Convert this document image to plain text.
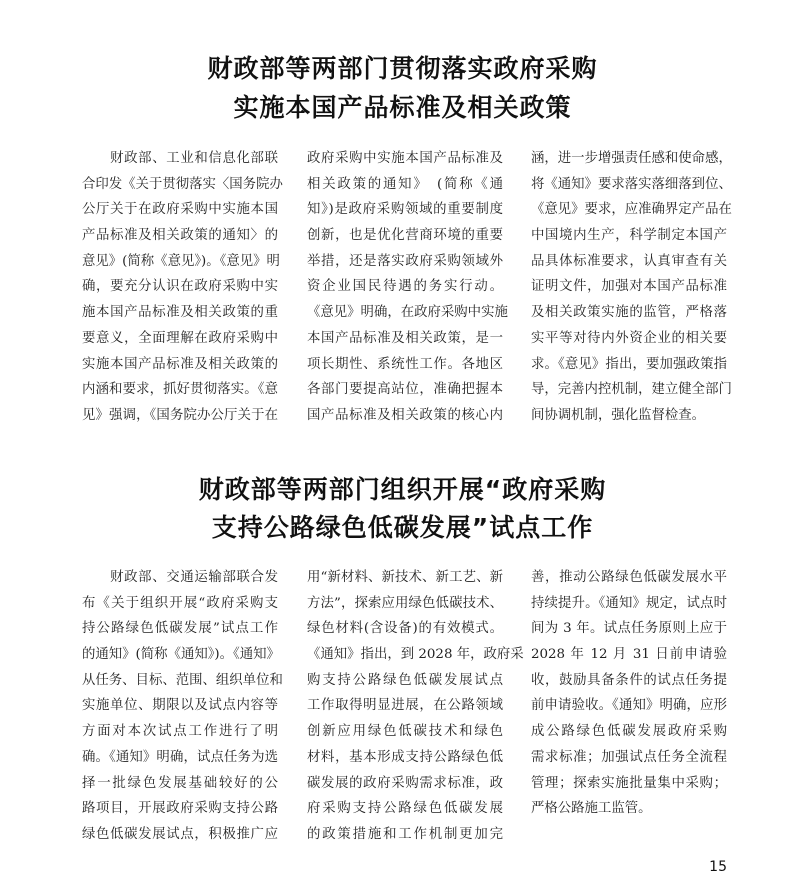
财政部等两部门贯彻落实政府采购
实施本国产品标准及相关政策
　　财政部、工业和信息化部联
合印发《关于贯彻落实〈国务院办
公厅关于在政府采购中实施本国
产品标准及相关政策的通知〉的
意见》(简称《意见》)。《意见》明
确，要充分认识在政府采购中实
施本国产品标准及相关政策的重
要意义，全面理解在政府采购中
实施本国产品标准及相关政策的
内涵和要求，抓好贯彻落实。《意
见》强调，《国务院办公厅关于在
政府采购中实施本国产品标准及
相关政策的通知》　(简称《通
知》)是政府采购领域的重要制度
创新，也是优化营商环境的重要
举措，还是落实政府采购领域外
资企业国民待遇的务实行动。
《意见》明确，在政府采购中实施
本国产品标准及相关政策，是一
项长期性、系统性工作。各地区
各部门要提高站位，准确把握本
国产品标准及相关政策的核心内
涵，进一步增强责任感和使命感，
将《通知》要求落实落细落到位、
《意见》要求，应准确界定产品在
中国境内生产，科学制定本国产
品具体标准要求，认真审查有关
证明文件，加强对本国产品标准
及相关政策实施的监管，严格落
实平等对待内外资企业的相关要
求。《意见》指出，要加强政策指
导，完善内控机制，建立健全部门
间协调机制，强化监督检查。
财政部等两部门组织开展“政府采购
支持公路绿色低碳发展”试点工作
　　财政部、交通运输部联合发
布《关于组织开展“政府采购支
持公路绿色低碳发展”试点工作
的通知》(简称《通知》)。《通知》
从任务、目标、范围、组织单位和
实施单位、期限以及试点内容等
方面对本次试点工作进行了明
确。《通知》明确，试点任务为选
择一批绿色发展基础较好的公
路项目，开展政府采购支持公路
绿色低碳发展试点，积极推广应
用“新材料、新技术、新工艺、新
方法”，探索应用绿色低碳技术、
绿色材料(含设备)的有效模式。
《通知》指出，到 2028 年，政府采
购支持公路绿色低碳发展试点
工作取得明显进展，在公路领域
创新应用绿色低碳技术和绿色
材料，基本形成支持公路绿色低
碳发展的政府采购需求标准，政
府采购支持公路绿色低碳发展
的政策措施和工作机制更加完
善，推动公路绿色低碳发展水平
持续提升。《通知》规定，试点时
间为 3 年。试点任务原则上应于
2028 年 12 月 31 日前申请验
收，鼓励具备条件的试点任务提
前申请验收。《通知》明确，应形
成公路绿色低碳发展政府采购
需求标准；加强试点任务全流程
管理；探索实施批量集中采购；
严格公路施工监管。
15
